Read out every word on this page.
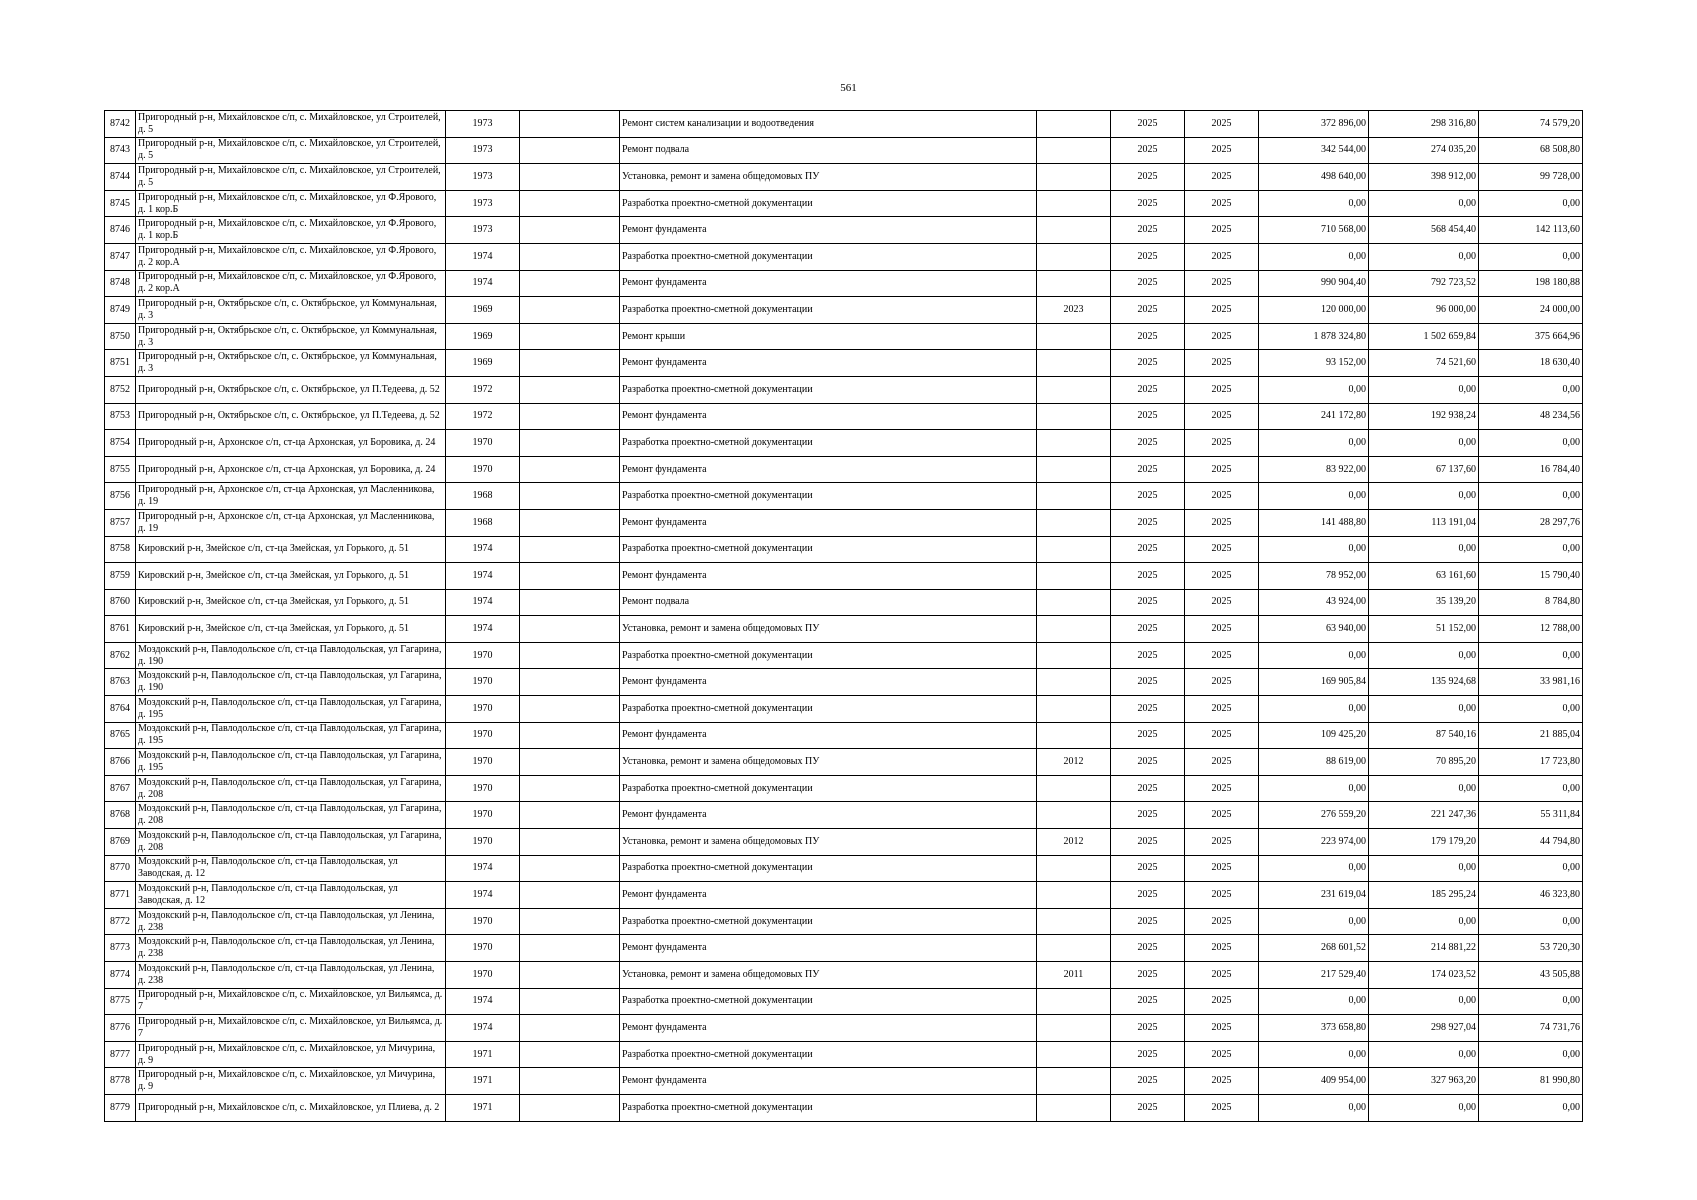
561
8742	Пригородный р-н, Михайловское с/п, с. Михайловское, ул Строителей, д. 5	1973		Ремонт систем канализации и водоотведения		2025	2025	372 896,00	298 316,80	74 579,20
8743	Пригородный р-н, Михайловское с/п, с. Михайловское, ул Строителей, д. 5	1973		Ремонт подвала		2025	2025	342 544,00	274 035,20	68 508,80
8744	Пригородный р-н, Михайловское с/п, с. Михайловское, ул Строителей, д. 5	1973		Установка, ремонт и замена общедомовых ПУ		2025	2025	498 640,00	398 912,00	99 728,00
8745	Пригородный р-н, Михайловское с/п, с. Михайловское, ул Ф.Ярового, д. 1 кор.Б	1973		Разработка проектно-сметной документации		2025	2025	0,00	0,00	0,00
8746	Пригородный р-н, Михайловское с/п, с. Михайловское, ул Ф.Ярового, д. 1 кор.Б	1973		Ремонт фундамента		2025	2025	710 568,00	568 454,40	142 113,60
8747	Пригородный р-н, Михайловское с/п, с. Михайловское, ул Ф.Ярового, д. 2 кор.А	1974		Разработка проектно-сметной документации		2025	2025	0,00	0,00	0,00
8748	Пригородный р-н, Михайловское с/п, с. Михайловское, ул Ф.Ярового, д. 2 кор.А	1974		Ремонт фундамента		2025	2025	990 904,40	792 723,52	198 180,88
8749	Пригородный р-н, Октябрьское с/п, с. Октябрьское, ул Коммунальная, д. 3	1969		Разработка проектно-сметной документации	2023	2025	2025	120 000,00	96 000,00	24 000,00
8750	Пригородный р-н, Октябрьское с/п, с. Октябрьское, ул Коммунальная, д. 3	1969		Ремонт крыши		2025	2025	1 878 324,80	1 502 659,84	375 664,96
8751	Пригородный р-н, Октябрьское с/п, с. Октябрьское, ул Коммунальная, д. 3	1969		Ремонт фундамента		2025	2025	93 152,00	74 521,60	18 630,40
8752	Пригородный р-н, Октябрьское с/п, с. Октябрьское, ул П.Тедеева, д. 52	1972		Разработка проектно-сметной документации		2025	2025	0,00	0,00	0,00
8753	Пригородный р-н, Октябрьское с/п, с. Октябрьское, ул П.Тедеева, д. 52	1972		Ремонт фундамента		2025	2025	241 172,80	192 938,24	48 234,56
8754	Пригородный р-н, Архонское с/п, ст-ца Архонская, ул Боровика, д. 24	1970		Разработка проектно-сметной документации		2025	2025	0,00	0,00	0,00
8755	Пригородный р-н, Архонское с/п, ст-ца Архонская, ул Боровика, д. 24	1970		Ремонт фундамента		2025	2025	83 922,00	67 137,60	16 784,40
8756	Пригородный р-н, Архонское с/п, ст-ца Архонская, ул Масленникова, д. 19	1968		Разработка проектно-сметной документации		2025	2025	0,00	0,00	0,00
8757	Пригородный р-н, Архонское с/п, ст-ца Архонская, ул Масленникова, д. 19	1968		Ремонт фундамента		2025	2025	141 488,80	113 191,04	28 297,76
8758	Кировский р-н, Змейское с/п, ст-ца Змейская, ул Горького, д. 51	1974		Разработка проектно-сметной документации		2025	2025	0,00	0,00	0,00
8759	Кировский р-н, Змейское с/п, ст-ца Змейская, ул Горького, д. 51	1974		Ремонт фундамента		2025	2025	78 952,00	63 161,60	15 790,40
8760	Кировский р-н, Змейское с/п, ст-ца Змейская, ул Горького, д. 51	1974		Ремонт подвала		2025	2025	43 924,00	35 139,20	8 784,80
8761	Кировский р-н, Змейское с/п, ст-ца Змейская, ул Горького, д. 51	1974		Установка, ремонт и замена общедомовых ПУ		2025	2025	63 940,00	51 152,00	12 788,00
8762	Моздокский р-н, Павлодольское с/п, ст-ца Павлодольская, ул Гагарина, д. 190	1970		Разработка проектно-сметной документации		2025	2025	0,00	0,00	0,00
8763	Моздокский р-н, Павлодольское с/п, ст-ца Павлодольская, ул Гагарина, д. 190	1970		Ремонт фундамента		2025	2025	169 905,84	135 924,68	33 981,16
8764	Моздокский р-н, Павлодольское с/п, ст-ца Павлодольская, ул Гагарина, д. 195	1970		Разработка проектно-сметной документации		2025	2025	0,00	0,00	0,00
8765	Моздокский р-н, Павлодольское с/п, ст-ца Павлодольская, ул Гагарина, д. 195	1970		Ремонт фундамента		2025	2025	109 425,20	87 540,16	21 885,04
8766	Моздокский р-н, Павлодольское с/п, ст-ца Павлодольская, ул Гагарина, д. 195	1970		Установка, ремонт и замена общедомовых ПУ	2012	2025	2025	88 619,00	70 895,20	17 723,80
8767	Моздокский р-н, Павлодольское с/п, ст-ца Павлодольская, ул Гагарина, д. 208	1970		Разработка проектно-сметной документации		2025	2025	0,00	0,00	0,00
8768	Моздокский р-н, Павлодольское с/п, ст-ца Павлодольская, ул Гагарина, д. 208	1970		Ремонт фундамента		2025	2025	276 559,20	221 247,36	55 311,84
8769	Моздокский р-н, Павлодольское с/п, ст-ца Павлодольская, ул Гагарина, д. 208	1970		Установка, ремонт и замена общедомовых ПУ	2012	2025	2025	223 974,00	179 179,20	44 794,80
8770	Моздокский р-н, Павлодольское с/п, ст-ца Павлодольская, ул Заводская, д. 12	1974		Разработка проектно-сметной документации		2025	2025	0,00	0,00	0,00
8771	Моздокский р-н, Павлодольское с/п, ст-ца Павлодольская, ул Заводская, д. 12	1974		Ремонт фундамента		2025	2025	231 619,04	185 295,24	46 323,80
8772	Моздокский р-н, Павлодольское с/п, ст-ца Павлодольская, ул Ленина, д. 238	1970		Разработка проектно-сметной документации		2025	2025	0,00	0,00	0,00
8773	Моздокский р-н, Павлодольское с/п, ст-ца Павлодольская, ул Ленина, д. 238	1970		Ремонт фундамента		2025	2025	268 601,52	214 881,22	53 720,30
8774	Моздокский р-н, Павлодольское с/п, ст-ца Павлодольская, ул Ленина, д. 238	1970		Установка, ремонт и замена общедомовых ПУ	2011	2025	2025	217 529,40	174 023,52	43 505,88
8775	Пригородный р-н, Михайловское с/п, с. Михайловское, ул Вильямса, д. 7	1974		Разработка проектно-сметной документации		2025	2025	0,00	0,00	0,00
8776	Пригородный р-н, Михайловское с/п, с. Михайловское, ул Вильямса, д. 7	1974		Ремонт фундамента		2025	2025	373 658,80	298 927,04	74 731,76
8777	Пригородный р-н, Михайловское с/п, с. Михайловское, ул Мичурина, д. 9	1971		Разработка проектно-сметной документации		2025	2025	0,00	0,00	0,00
8778	Пригородный р-н, Михайловское с/п, с. Михайловское, ул Мичурина, д. 9	1971		Ремонт фундамента		2025	2025	409 954,00	327 963,20	81 990,80
8779	Пригородный р-н, Михайловское с/п, с. Михайловское, ул Плиева, д. 2	1971		Разработка проектно-сметной документации		2025	2025	0,00	0,00	0,00
